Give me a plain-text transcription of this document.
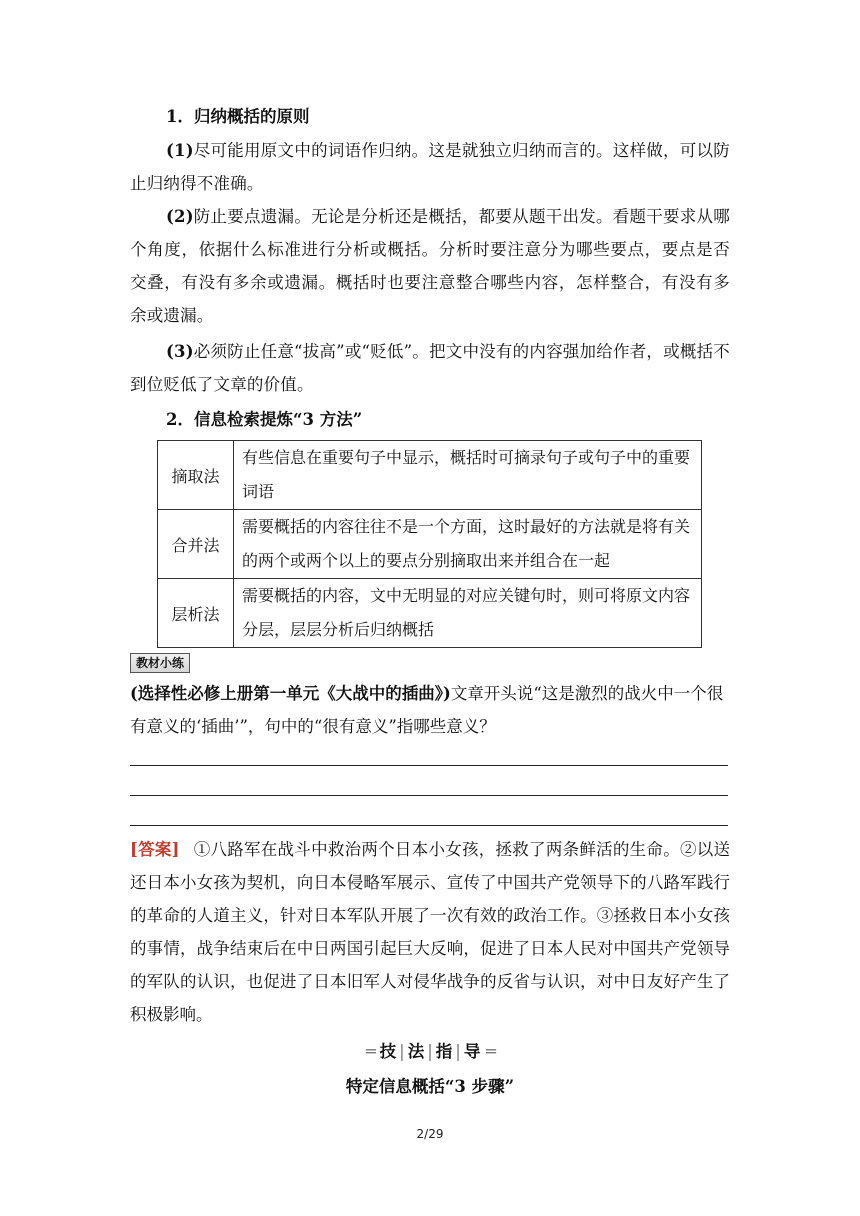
1．归纳概括的原则
(1)尽可能用原文中的词语作归纳。这是就独立归纳而言的。这样做，可以防止归纳得不准确。
(2)防止要点遗漏。无论是分析还是概括，都要从题干出发。看题干要求从哪个角度，依据什么标准进行分析或概括。分析时要注意分为哪些要点，要点是否交叠，有没有多余或遗漏。概括时也要注意整合哪些内容，怎样整合，有没有多余或遗漏。
(3)必须防止任意“拔高”或“贬低”。把文中没有的内容强加给作者，或概括不到位贬低了文章的价值。
2．信息检索提炼“3 方法”
摘取法	有些信息在重要句子中显示，概括时可摘录句子或句子中的重要词语
合并法	需要概括的内容往往不是一个方面，这时最好的方法就是将有关的两个或两个以上的要点分别摘取出来并组合在一起
层析法	需要概括的内容，文中无明显的对应关键句时，则可将原文内容分层，层层分析后归纳概括
教材小练
(选择性必修上册第一单元《大战中的插曲》)文章开头说“这是激烈的战火中一个很有意义的‘插曲’”，句中的“很有意义”指哪些意义？
[答案] ①八路军在战斗中救治两个日本小女孩，拯救了两条鲜活的生命。②以送还日本小女孩为契机，向日本侵略军展示、宣传了中国共产党领导下的八路军践行的革命的人道主义，针对日本军队开展了一次有效的政治工作。③拯救日本小女孩的事情，战争结束后在中日两国引起巨大反响，促进了日本人民对中国共产党领导的军队的认识，也促进了日本旧军人对侵华战争的反省与认识，对中日友好产生了积极影响。
═ 技 | 法 | 指 | 导 ═
特定信息概括“3 步骤”
2/29
